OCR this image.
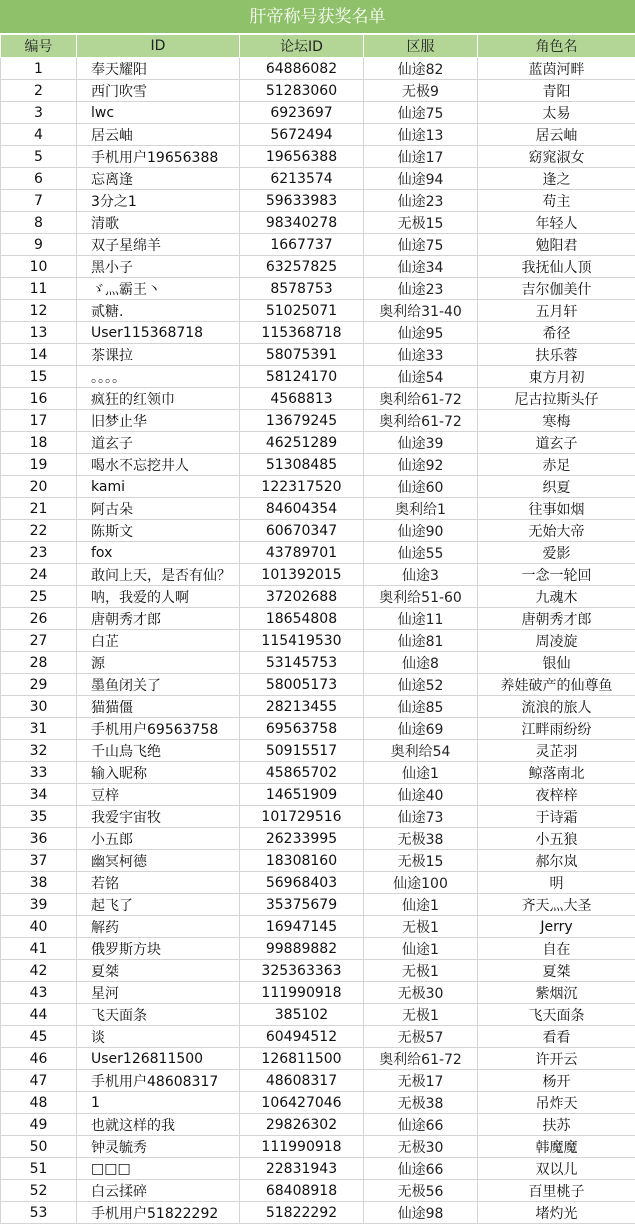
肝帝称号获奖名单
编号	ID	论坛ID	区服	角色名
1	奉天耀阳	64886082	仙途82	蓝茵河畔
2	西门吹雪	51283060	无极9	青阳
3	lwc	6923697	仙途75	太易
4	居云岫	5672494	仙途13	居云岫
5	手机用户19656388	19656388	仙途17	窈窕淑女
6	忘离逢	6213574	仙途94	逢之
7	3分之1	59633983	仙途23	苟主
8	清歌	98340278	无极15	年轻人
9	双子星绵羊	1667737	仙途75	勉阳君
10	黑小子	63257825	仙途34	我抚仙人顶
11	ゞ灬霸王丶	8578753	仙途23	吉尔伽美什
12	贰糖.	51025071	奥利给31-40	五月轩
13	User115368718	115368718	仙途95	希径
14	茶课拉	58075391	仙途33	扶乐蓉
15	。。。。	58124170	仙途54	東方月初
16	疯狂的红领巾	4568813	奥利给61-72	尼古拉斯头仔
17	旧梦止华	13679245	奥利给61-72	寒梅
18	道玄子	46251289	仙途39	道玄子
19	喝水不忘挖井人	51308485	仙途92	赤足
20	kami	122317520	仙途60	织夏
21	阿古朵	84604354	奥利给1	往事如烟
22	陈斯文	60670347	仙途90	无始大帝
23	fox	43789701	仙途55	爱影
24	敢问上天，是否有仙？	101392015	仙途3	一念一轮回
25	呐，我爱的人啊	37202688	奥利给51-60	九魂木
26	唐朝秀才郎	18654808	仙途11	唐朝秀才郎
27	白芷	115419530	仙途81	周凌旋
28	源	53145753	仙途8	银仙
29	墨鱼闭关了	58005173	仙途52	养娃破产的仙尊鱼
30	猫猫僵	28213455	仙途85	流浪的旅人
31	手机用户69563758	69563758	仙途69	江畔雨纷纷
32	千山鳥飞绝	50915517	奥利给54	灵芷羽
33	输入昵称	45865702	仙途1	鲸落南北
34	豆梓	14651909	仙途40	夜梓梓
35	我爱宇宙牧	101729516	仙途73	于诗霜
36	小五郎	26233995	无极38	小五狼
37	幽冥柯德	18308160	无极15	郝尔岚
38	若铭	56968403	仙途100	明
39	起飞了	35375679	仙途1	齐天灬大圣
40	解药	16947145	无极1	Jerry
41	俄罗斯方块	99889882	仙途1	自在
42	夏桀	325363363	无极1	夏桀
43	星河	111990918	无极30	紫烟沉
44	飞天面条	385102	无极1	飞天面条
45	谈	60494512	无极57	看看
46	User126811500	126811500	奥利给61-72	许开云
47	手机用户48608317	48608317	无极17	杨开
48	1	106427046	无极38	吊炸天
49	也就这样的我	29826302	仙途66	扶苏
50	钟灵毓秀	111990918	无极30	韩魔魔
51	□□□	22831943	仙途66	双以儿
52	白云揉碎	68408918	无极56	百里桃子
53	手机用户51822292	51822292	仙途98	堵灼光
